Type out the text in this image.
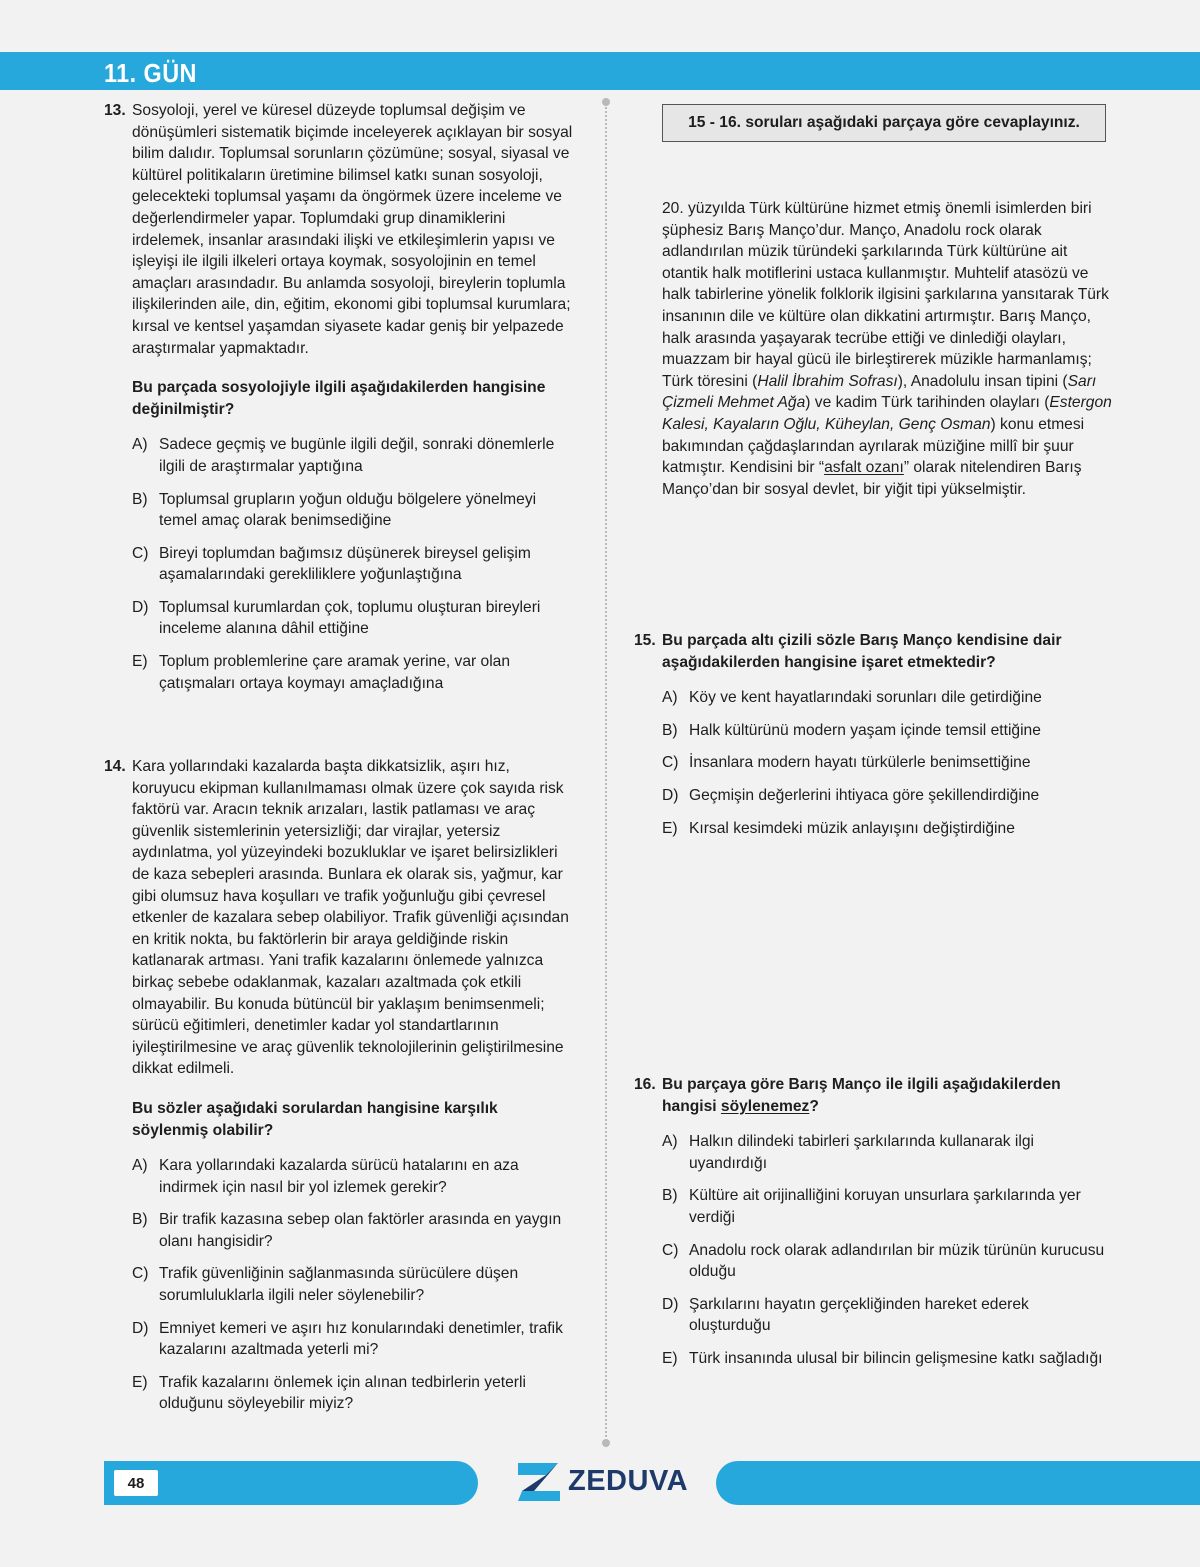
11. GÜN
13. Sosyoloji, yerel ve küresel düzeyde toplumsal değişim ve dönüşümleri sistematik biçimde inceleyerek açıklayan bir sosyal bilim dalıdır. Toplumsal sorunların çözümüne; sosyal, siyasal ve kültürel politikaların üretimine bilimsel katkı sunan sosyoloji, gelecekteki toplumsal yaşamı da öngörmek üzere inceleme ve değerlendirmeler yapar. Toplumdaki grup dinamiklerini irdelemek, insanlar arasındaki ilişki ve etkileşimlerin yapısı ve işleyişi ile ilgili ilkeleri ortaya koymak, sosyolojinin en temel amaçları arasındadır. Bu anlamda sosyoloji, bireylerin toplumla ilişkilerinden aile, din, eğitim, ekonomi gibi toplumsal kurumlara; kırsal ve kentsel yaşamdan siyasete kadar geniş bir yelpazede araştırmalar yapmaktadır.
Bu parçada sosyolojiyle ilgili aşağıdakilerden hangisine değinilmiştir?
A) Sadece geçmiş ve bugünle ilgili değil, sonraki dönemlerle ilgili de araştırmalar yaptığına
B) Toplumsal grupların yoğun olduğu bölgelere yönelmeyi temel amaç olarak benimsediğine
C) Bireyi toplumdan bağımsız düşünerek bireysel gelişim aşamalarındaki gerekliliklere yoğunlaştığına
D) Toplumsal kurumlardan çok, toplumu oluşturan bireyleri inceleme alanına dâhil ettiğine
E) Toplum problemlerine çare aramak yerine, var olan çatışmaları ortaya koymayı amaçladığına
14. Kara yollarındaki kazalarda başta dikkatsizlik, aşırı hız, koruyucu ekipman kullanılmaması olmak üzere çok sayıda risk faktörü var. Aracın teknik arızaları, lastik patlaması ve araç güvenlik sistemlerinin yetersizliği; dar virajlar, yetersiz aydınlatma, yol yüzeyindeki bozukluklar ve işaret belirsizlikleri de kaza sebepleri arasında. Bunlara ek olarak sis, yağmur, kar gibi olumsuz hava koşulları ve trafik yoğunluğu gibi çevresel etkenler de kazalara sebep olabiliyor. Trafik güvenliği açısından en kritik nokta, bu faktörlerin bir araya geldiğinde riskin katlanarak artması. Yani trafik kazalarını önlemede yalnızca birkaç sebebe odaklanmak, kazaları azaltmada çok etkili olmayabilir. Bu konuda bütüncül bir yaklaşım benimsenmeli; sürücü eğitimleri, denetimler kadar yol standartlarının iyileştirilmesine ve araç güvenlik teknolojilerinin geliştirilmesine dikkat edilmeli.
Bu sözler aşağıdaki sorulardan hangisine karşılık söylenmiş olabilir?
A) Kara yollarındaki kazalarda sürücü hatalarını en aza indirmek için nasıl bir yol izlemek gerekir?
B) Bir trafik kazasına sebep olan faktörler arasında en yaygın olanı hangisidir?
C) Trafik güvenliğinin sağlanmasında sürücülere düşen sorumluluklarla ilgili neler söylenebilir?
D) Emniyet kemeri ve aşırı hız konularındaki denetimler, trafik kazalarını azaltmada yeterli mi?
E) Trafik kazalarını önlemek için alınan tedbirlerin yeterli olduğunu söyleyebilir miyiz?
15 - 16. soruları aşağıdaki parçaya göre cevaplayınız.

20. yüzyılda Türk kültürüne hizmet etmiş önemli isimlerden biri şüphesiz Barış Manço’dur. Manço, Anadolu rock olarak adlandırılan müzik türündeki şarkılarında Türk kültürüne ait otantik halk motiflerini ustaca kullanmıştır. Muhtelif atasözü ve halk tabirlerine yönelik folklorik ilgisini şarkılarına yansıtarak Türk insanının dile ve kültüre olan dikkatini artırmıştır. Barış Manço, halk arasında yaşayarak tecrübe ettiği ve dinlediği olayları, muazzam bir hayal gücü ile birleştirerek müzikle harmanlamış; Türk töresini (Halil İbrahim Sofrası), Anadolulu insan tipini (Sarı Çizmeli Mehmet Ağa) ve kadim Türk tarihinden olayları (Estergon Kalesi, Kayaların Oğlu, Küheylan, Genç Osman) konu etmesi bakımından çağdaşlarından ayrılarak müziğine millî bir şuur katmıştır. Kendisini bir “asfalt ozanı” olarak nitelendiren Barış Manço’dan bir sosyal devlet, bir yiğit tipi yükselmiştir.

15. Bu parçada altı çizili sözle Barış Manço kendisine dair aşağıdakilerden hangisine işaret etmektedir?
A) Köy ve kent hayatlarındaki sorunları dile getirdiğine
B) Halk kültürünü modern yaşam içinde temsil ettiğine
C) İnsanlara modern hayatı türkülerle benimsettiğine
D) Geçmişin değerlerini ihtiyaca göre şekillendirdiğine
E) Kırsal kesimdeki müzik anlayışını değiştirdiğine
16. Bu parçaya göre Barış Manço ile ilgili aşağıdakilerden hangisi söylenemez?
A) Halkın dilindeki tabirleri şarkılarında kullanarak ilgi uyandırdığı
B) Kültüre ait orijinalliğini koruyan unsurlara şarkılarında yer verdiği
C) Anadolu rock olarak adlandırılan bir müzik türünün kurucusu olduğu
D) Şarkılarını hayatın gerçekliğinden hareket ederek oluşturduğu
E) Türk insanında ulusal bir bilincin gelişmesine katkı sağladığı
48	ZEDUVA
